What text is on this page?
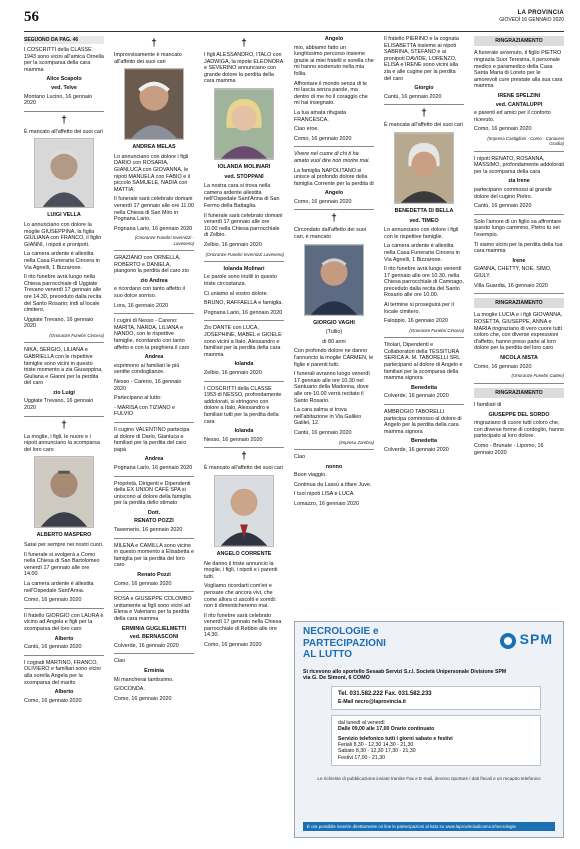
56	LA PROVINCIA
GIOVEDÌ 16 GENNAIO 2020
SEGUONO DA PAG. 46

I COSCRITTI della CLASSE 1943 sono vicini all'amica Ornella per la scomparsa della cara mamma

Alice Scapolo
ved. Telve
Montano Lucino, 16 gennaio 2020
†

È mancato all'affetto dei suoi cari

LUIGI VELLA

Lo annunciano con dolore la moglie GIUSEPPINA, la figlia GIULIANA con FRANCO, il figlio GIANNI, i nipoti e pronipoti.

La camera ardente è allestita nella Casa Funeraria Cincera in Via Agnelli, 1 Bizzarone.

Il rito funebre avrà luogo nella Chiesa parrocchiale di Uggiate Trevano venerdì 17 gennaio alle ore 14.30, preceduto dalla recita del Santo Rosario; indi al locale cimitero.

Uggiate Trevano, 16 gennaio 2020
(Onoranze Funebri Cincera)

NIKA, SERGIO, LILIANA e GABRIELLA con le rispettive famiglie sono vicini in questo triste momento a zia Giuseppina, Giuliana e Gianni per la perdita del caro

zio Luigi
Uggiate Trevano, 16 gennaio 2020
†

La moglie, i figli, le nuore e i nipoti annunciano la scomparsa del loro caro

ALBERTO MASPERO

Sarai per sempre nei nostri cuori.

Il funerale si svolgerà a Como nella Chiesa di San Bartolomeo venerdì 17 gennaio alle ore 14.00.

La camera ardente è allestita nell'Ospedale Sant'Anna.

Como, 16 gennaio 2020

Il fratello GIORGIO con LAURA è vicino ad Angela e figli per la scomparsa del loro caro

Alberto
Cantù, 16 gennaio 2020

I cognati MARTINO, FRANCO, OLIVIERO e familiari sono vicini alla sorella Angela per la scomparsa del marito

Alberto
Como, 16 gennaio 2020
†

Improvvisamente è mancato all'affetto dei suoi cari

ANDREA MELAS

Lo annunciano con dolore i figli DARIO con ROSARIA, GIANLUCA con GIOVANNA, le nipoti MANUELA con FABIO e il piccolo SAMUELE, NADIA con MATTIA.

Il funerale sarà celebrato domani venerdì 17 gennaio alle ore 11.00 nella Chiesa di San Miro in Pognana Lario.

Pognana Lario, 16 gennaio 2020
(Onoranze Funebri Invernizzi - Laveseno)

GRAZIANO con ORNELLA, ROBERTO e DANIELA, piangono la perdita del caro zio

zio Andrea

e ricordano con tanto affetto il suo dolce sorriso.

Lora, 16 gennaio 2020

I cugini di Nesso - Careno: MARITA, NARDA, LILIANA e NANDO, con le rispettive famiglie, ricordando con tanto affetto e con la preghiera il caro

Andrea

esprimono ai familiari le più sentite condoglianze.

Nesso - Careno, 16 gennaio 2020

Partecipano al lutto:

- MARISA con TIZIANO e FULVIO

Il cugino VALENTINO partecipa al dolore di Dario, Gianluca e familiari per la perdita del caro papà

Andrea
Pognana Lario, 16 gennaio 2020

Proprietà, Dirigenti e Dipendenti della EX UNION CAFÈ SPA si uniscono al dolore della famiglia per la perdita dello stimato

Dott.
RENATO POZZI
Tavernerio, 16 gennaio 2020

MILENA e CAMILLA sono vicine in questo momento a Elisabetta e famiglia per la perdita del loro caro

Renato Pozzi
Como, 16 gennaio 2020

ROSA e GIUSEPPE COLOMBO unitamente ai figli sono vicini ad Elena e Valeriano per la perdita della cara mamma

ERMINIA GUGLIELMETTI
ved. BERNASCONI
Colverde, 16 gennaio 2020

Ciao

Erminia

Mi mancherai tantissimo.

GIOCONDA.

Como, 16 gennaio 2020
†

I figli ALESSANDRO, ITALO con JADWIGA, la nipote ELEONORA e SEVERINO annunciano con grande dolore la perdita della cara mamma

IOLANDA MOLINARI
ved. STOPPANI

La nostra cara si trova nella camera ardente allestita nell'Ospedale Sant'Anna di San Fermo della Battaglia.

Il funerale sarà celebrato domani venerdì 17 gennaio alle ore 10.00 nella Chiesa parrocchiale di Zelbio.

Zelbio, 16 gennaio 2020
(Onoranze Funebri Invernizzi Laveseno)
Iolanda Molinari

Le parole sono inutili in questo triste circostanza.

Ci uniamo al vostro dolore.

BRUNO, RAFFAELLA e famiglia.

Pognana Lario, 16 gennaio 2020

Zio DANTE con LUCA, JOSEPHINE, MABEL e GIOELE sono vicini a Italo, Alessandro e familiari per la perdita della cara mamma

Iolanda
Zelbio, 16 gennaio 2020

I COSCRITTI della CLASSE 1953 di NESSO, profondamente addolorati, si stringono con dolore a Italo, Alessandro e familiari tutti per la perdita della cara

Iolanda
Nesso, 16 gennaio 2020
†

È mancato all'affetto dei suoi cari

ANGELO CORRENTE

Ne danno il triste annuncio la moglie, i figli, i nipoti e i parenti tutti.

Vogliamo ricordarti com'eri e pensare che ancora vivi, che come allora ci ascolti e sorridi: non ti dimenticheremo mai.

Il rito funebre sarà celebrato venerdì 17 gennaio nella Chiesa parrocchiale di Rebbio alle ore 14.30.

Como, 16 gennaio 2020
Angelo

mio, abbiamo fatto un lunghissimo percorso insieme grazie ai miei fratelli e sorella che mi hanno sostenuto nella mia follia.

Affrontare il mondo senza di te mi lascia senza parole, ma dentro di me ho il coraggio che mi hai insegnato.

La tua amata rifugiata FRANCESCA.

Ciao eroe.

Como, 16 gennaio 2020

Vivere nel cuore di chi ti ha amato vuol dire non morire mai.

La famiglia NAPOLITANO si unisce al profondo dolore della famiglia Corrente per la perdita di

Angelo
Como, 16 gennaio 2020
†

Circondato dall'affetto dei suoi cari, è mancato

GIORGIO VAGHI
(Tullio)
di 80 anni

Con profondo dolore ne danno l'annuncio la moglie CARMEN, le figlie e parenti tutti.

I funerali avranno luogo venerdì 17 gennaio alle ore 10.30 nel Santuario della Madonna, dove alle ore 10.00 verrà recitato il Santo Rosario.

La cara salma si trova nell'abitazione in Via Galileo Galilei, 12.

Cantù, 16 gennaio 2020
(Impresa Zambra)

Ciao

nonno

Buon viaggio.

Continua da Lassù a tifare Juve.

I tuoi nipoti LISA e LUCA.

Lomazzo, 16 gennaio 2020

Il fratello PIERINO e la cognata ELISABETTA insieme ai nipoti SABRINA, STEFANO e ai pronipoti DAVIDE, LORENZO, ELISA e IRENE sono vicini alla zia e alle cugine per la perdita del caro

Giorgio
Cantù, 16 gennaio 2020
†

È mancata all'affetto dei suoi cari

BENEDETTA DI BELLA
ved. TIMEO

Lo annunciano con dolore i figli con le rispettive famiglie.

La camera ardente è allestita nella Casa Funeraria Cincera in Via Agnelli, 1 Bizzarone.

Il rito funebre avrà luogo venerdì 17 gennaio alle ore 10.30, nella Chiesa parrocchiale di Camnago, preceduto dalla recita del Santo Rosario alle ore 10.00.

Al termine si proseguirà per il locale cimitero.

Faloppio, 16 gennaio 2020
(Onoranze Funebri Cincera)

Titolari, Dipendenti e Collaboratori della TESSITURA SERICA A. M. TABORELLI SRL partecipano al dolore di Angelo e familiari per la scomparsa della mamma signora

Benedetta
Colverde, 16 gennaio 2020

AMBROGIO TABORELLI partecipa commosso al dolore di Angelo per la perdita della cara mamma signora

Benedetta
Colverde, 16 gennaio 2020
RINGRAZIAMENTO

A funerale avvenuto, il figlio PIETRO ringrazia Suor Teresina, il personale medico e paramedico della Casa Santa Maria di Loreto per le amorevoli cure prestate alla sua cara mamma

IRENE SPELZINI
ved. CANTALUPPI

e parenti ed amici per il conforto ricevuto.

Como, 16 gennaio 2020
(Impresa Castiglioni - Como - Canavesi Gradia)

I nipoti RENATO, ROSANNA, MASSIMO, profondamente addolorati per la scomparsa della cara

zia Irene

partecipano commossi al grande dolore del cugino Pietro.

Cantù, 16 gennaio 2020

Solo l'amore di un figlio sa affrontare questo lungo cammino, Pietro tu sei l'esempio.

Ti siamo vicini per la perdita della tua cara mamma

Irene

GIANNA, CHETTY, NOE, SIMO, GIULY.

Villa Guardia, 16 gennaio 2020
RINGRAZIAMENTO

La moglie LUCIA e i figli GIOVANNA, ROSETTA, GIUSEPPE, ANNA e MARIA ringraziano di vero cuore tutti coloro che, con diverse espressioni d'affetto, hanno preso parte al loro dolore per la perdita del loro caro

NICOLA NISTA
Como, 16 gennaio 2020
(Onoranze Funebri Cutteri)
RINGRAZIAMENTO

I familiari di

GIUSEPPE DEL SORDO

ringraziano di cuore tutti coloro che, con diverse forme di cordoglio, hanno partecipato al loro dolore.

Como - Brunate - Lipomo, 16 gennaio 2020
NECROLOGIE e
PARTECIPAZIONI
AL LUTTO
SPM
Si ricevono allo sportello Sesaab Servizi S.r.l. Società Unipersonale Divisione SPM
via G. De Simoni, 6 COMO
Tel. 031.582.222 Fax. 031.582.233
E-Mail necro@laprovincia.it
dal lunedì al venerdì
Dalle 09,00 alle 17,00 Orario continuato
Servizio telefonico tutti i giorni sabato e festivi
Feriali 8,30 - 12,30 14,30 - 21,30
Sabato 8,30 - 12,30 17,30 - 21,30
Festivi 17,00 - 21,30
Le richieste di pubblicazione inviate tramite Fax e E-mail, devono riportare i dati fiscali e un recapito telefonico
È ora possibile inserire direttamente on line le partecipazioni al lutto su www.laprovinciadicomo.it/necrologie
